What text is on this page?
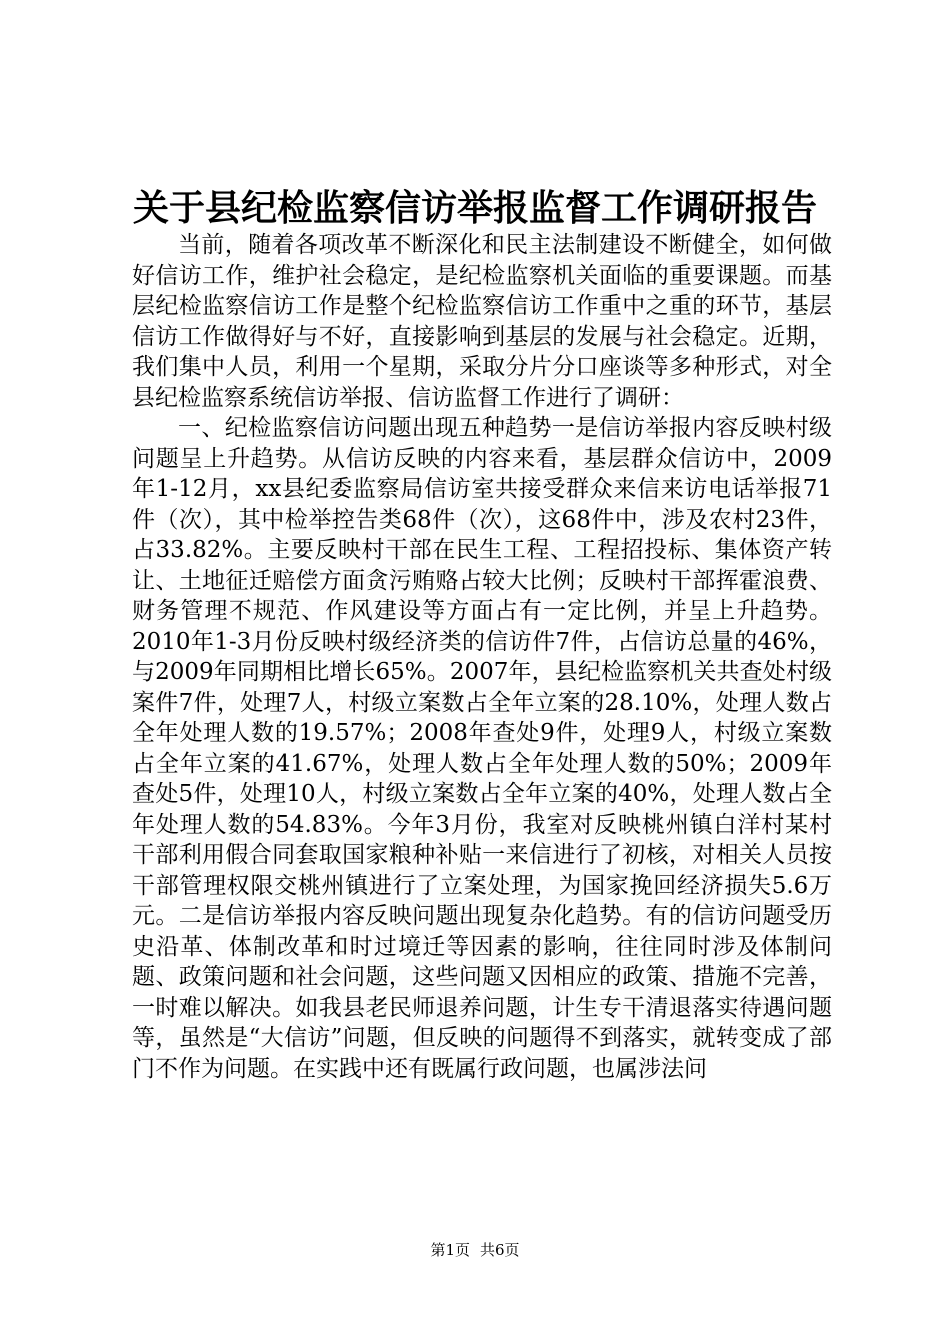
关于县纪检监察信访举报监督工作调研报告

当前，随着各项改革不断深化和民主法制建设不断健全，如何做好信访工作，维护社会稳定，是纪检监察机关面临的重要课题。而基层纪检监察信访工作是整个纪检监察信访工作重中之重的环节，基层信访工作做得好与不好，直接影响到基层的发展与社会稳定。近期，我们集中人员，利用一个星期，采取分片分口座谈等多种形式，对全县纪检监察系统信访举报、信访监督工作进行了调研：

一、纪检监察信访问题出现五种趋势一是信访举报内容反映村级问题呈上升趋势。从信访反映的内容来看，基层群众信访中，2009年1-12月，xx县纪委监察局信访室共接受群众来信来访电话举报71件（次），其中检举控告类68件（次），这68件中，涉及农村23件，占33.82%。主要反映村干部在民生工程、工程招投标、集体资产转让、土地征迁赔偿方面贪污贿赂占较大比例；反映村干部挥霍浪费、财务管理不规范、作风建设等方面占有一定比例，并呈上升趋势。2010年1-3月份反映村级经济类的信访件7件，占信访总量的46%，与2009年同期相比增长65%。2007年，县纪检监察机关共查处村级案件7件，处理7人，村级立案数占全年立案的28.10%，处理人数占全年处理人数的19.57%；2008年查处9件，处理9人，村级立案数占全年立案的41.67%，处理人数占全年处理人数的50%；2009年查处5件，处理10人，村级立案数占全年立案的40%，处理人数占全年处理人数的54.83%。今年3月份，我室对反映桃州镇白洋村某村干部利用假合同套取国家粮种补贴一来信进行了初核，对相关人员按干部管理权限交桃州镇进行了立案处理，为国家挽回经济损失5.6万元。二是信访举报内容反映问题出现复杂化趋势。有的信访问题受历史沿革、体制改革和时过境迁等因素的影响，往往同时涉及体制问题、政策问题和社会问题，这些问题又因相应的政策、措施不完善，一时难以解决。如我县老民师退养问题，计生专干清退落实待遇问题等，虽然是“大信访”问题，但反映的问题得不到落实，就转变成了部门不作为问题。在实践中还有既属行政问题，也属涉法问

第1页 共6页
